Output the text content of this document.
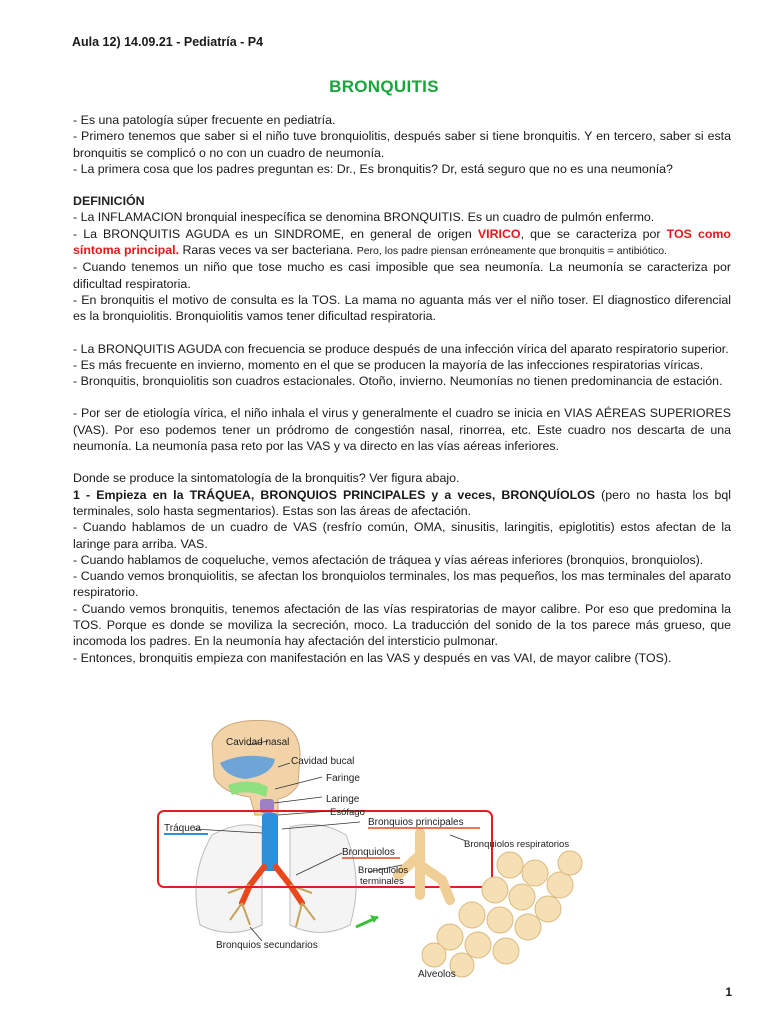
Aula 12) 14.09.21 - Pediatría - P4
BRONQUITIS

- Es una patología súper frecuente en pediatría.

- Primero tenemos que saber si el niño tuve bronquiolitis, después saber si tiene bronquitis. Y en tercero, saber si esta bronquitis se complicó o no con un cuadro de neumonía.

- La primera cosa que los padres preguntan es: Dr., Es bronquitis? Dr, está seguro que no es una neumonía?

DEFINICIÓN

- La INFLAMACION bronquial inespecífica se denomina BRONQUITIS. Es un cuadro de pulmón enfermo.

- La BRONQUITIS AGUDA es un SINDROME, en general de origen VIRICO, que se caracteriza por TOS como síntoma principal. Raras veces va ser bacteriana. Pero, los padre piensan erróneamente que bronquitis = antibiótico.

- Cuando tenemos un niño que tose mucho es casi imposible que sea neumonía. La neumonía se caracteriza por dificultad respiratoria.

- En bronquitis el motivo de consulta es la TOS. La mama no aguanta más ver el niño toser. El diagnostico diferencial es la bronquiolitis. Bronquiolitis vamos tener dificultad respiratoria.

- La BRONQUITIS AGUDA con frecuencia se produce después de una infección vírica del aparato respiratorio superior.

- Es más frecuente en invierno, momento en el que se producen la mayoría de las infecciones respiratorias víricas.

- Bronquitis, bronquiolitis son cuadros estacionales. Otoño, invierno. Neumonías no tienen predominancia de estación.

- Por ser de etiología vírica, el niño inhala el virus y generalmente el cuadro se inicia en VIAS AÉREAS SUPERIORES (VAS). Por eso podemos tener un pródromo de congestión nasal, rinorrea, etc. Este cuadro nos descarta de una neumonía. La neumonía pasa reto por las VAS y va directo en las vías aéreas inferiores.

Donde se produce la sintomatología de la bronquitis? Ver figura abajo.

1 - Empieza en la TRÁQUEA, BRONQUIOS PRINCIPALES y a veces, BRONQUÍOLOS (pero no hasta los bql terminales, solo hasta segmentarios). Estas son las áreas de afectación.

- Cuando hablamos de un cuadro de VAS (resfrío común, OMA, sinusitis, laringitis, epiglotitis) estos afectan de la laringe para arriba. VAS.

- Cuando hablamos de coqueluche, vemos afectación de tráquea y vías aéreas inferiores (bronquios, bronquiolos).

- Cuando vemos bronquiolitis, se afectan los bronquiolos terminales, los mas pequeños, los mas terminales del aparato respiratorio.

- Cuando vemos bronquitis, tenemos afectación de las vías respiratorias de mayor calibre. Por eso que predomina la TOS. Porque es donde se moviliza la secreción, moco. La traducción del sonido de la tos parece más grueso, que incomoda los padres. En la neumonía hay afectación del intersticio pulmonar.

- Entonces, bronquitis empieza con manifestación en las VAS y después en vas VAI, de mayor calibre (TOS).

Cavidad nasal
Cavidad bucal
Faringe
Laringe
Esófago
Tráquea
Bronquios principales
Bronquiolos
Bronquiolos
terminales
Bronquiolos respiratorios
Bronquios secundarios
Alveolos
1
